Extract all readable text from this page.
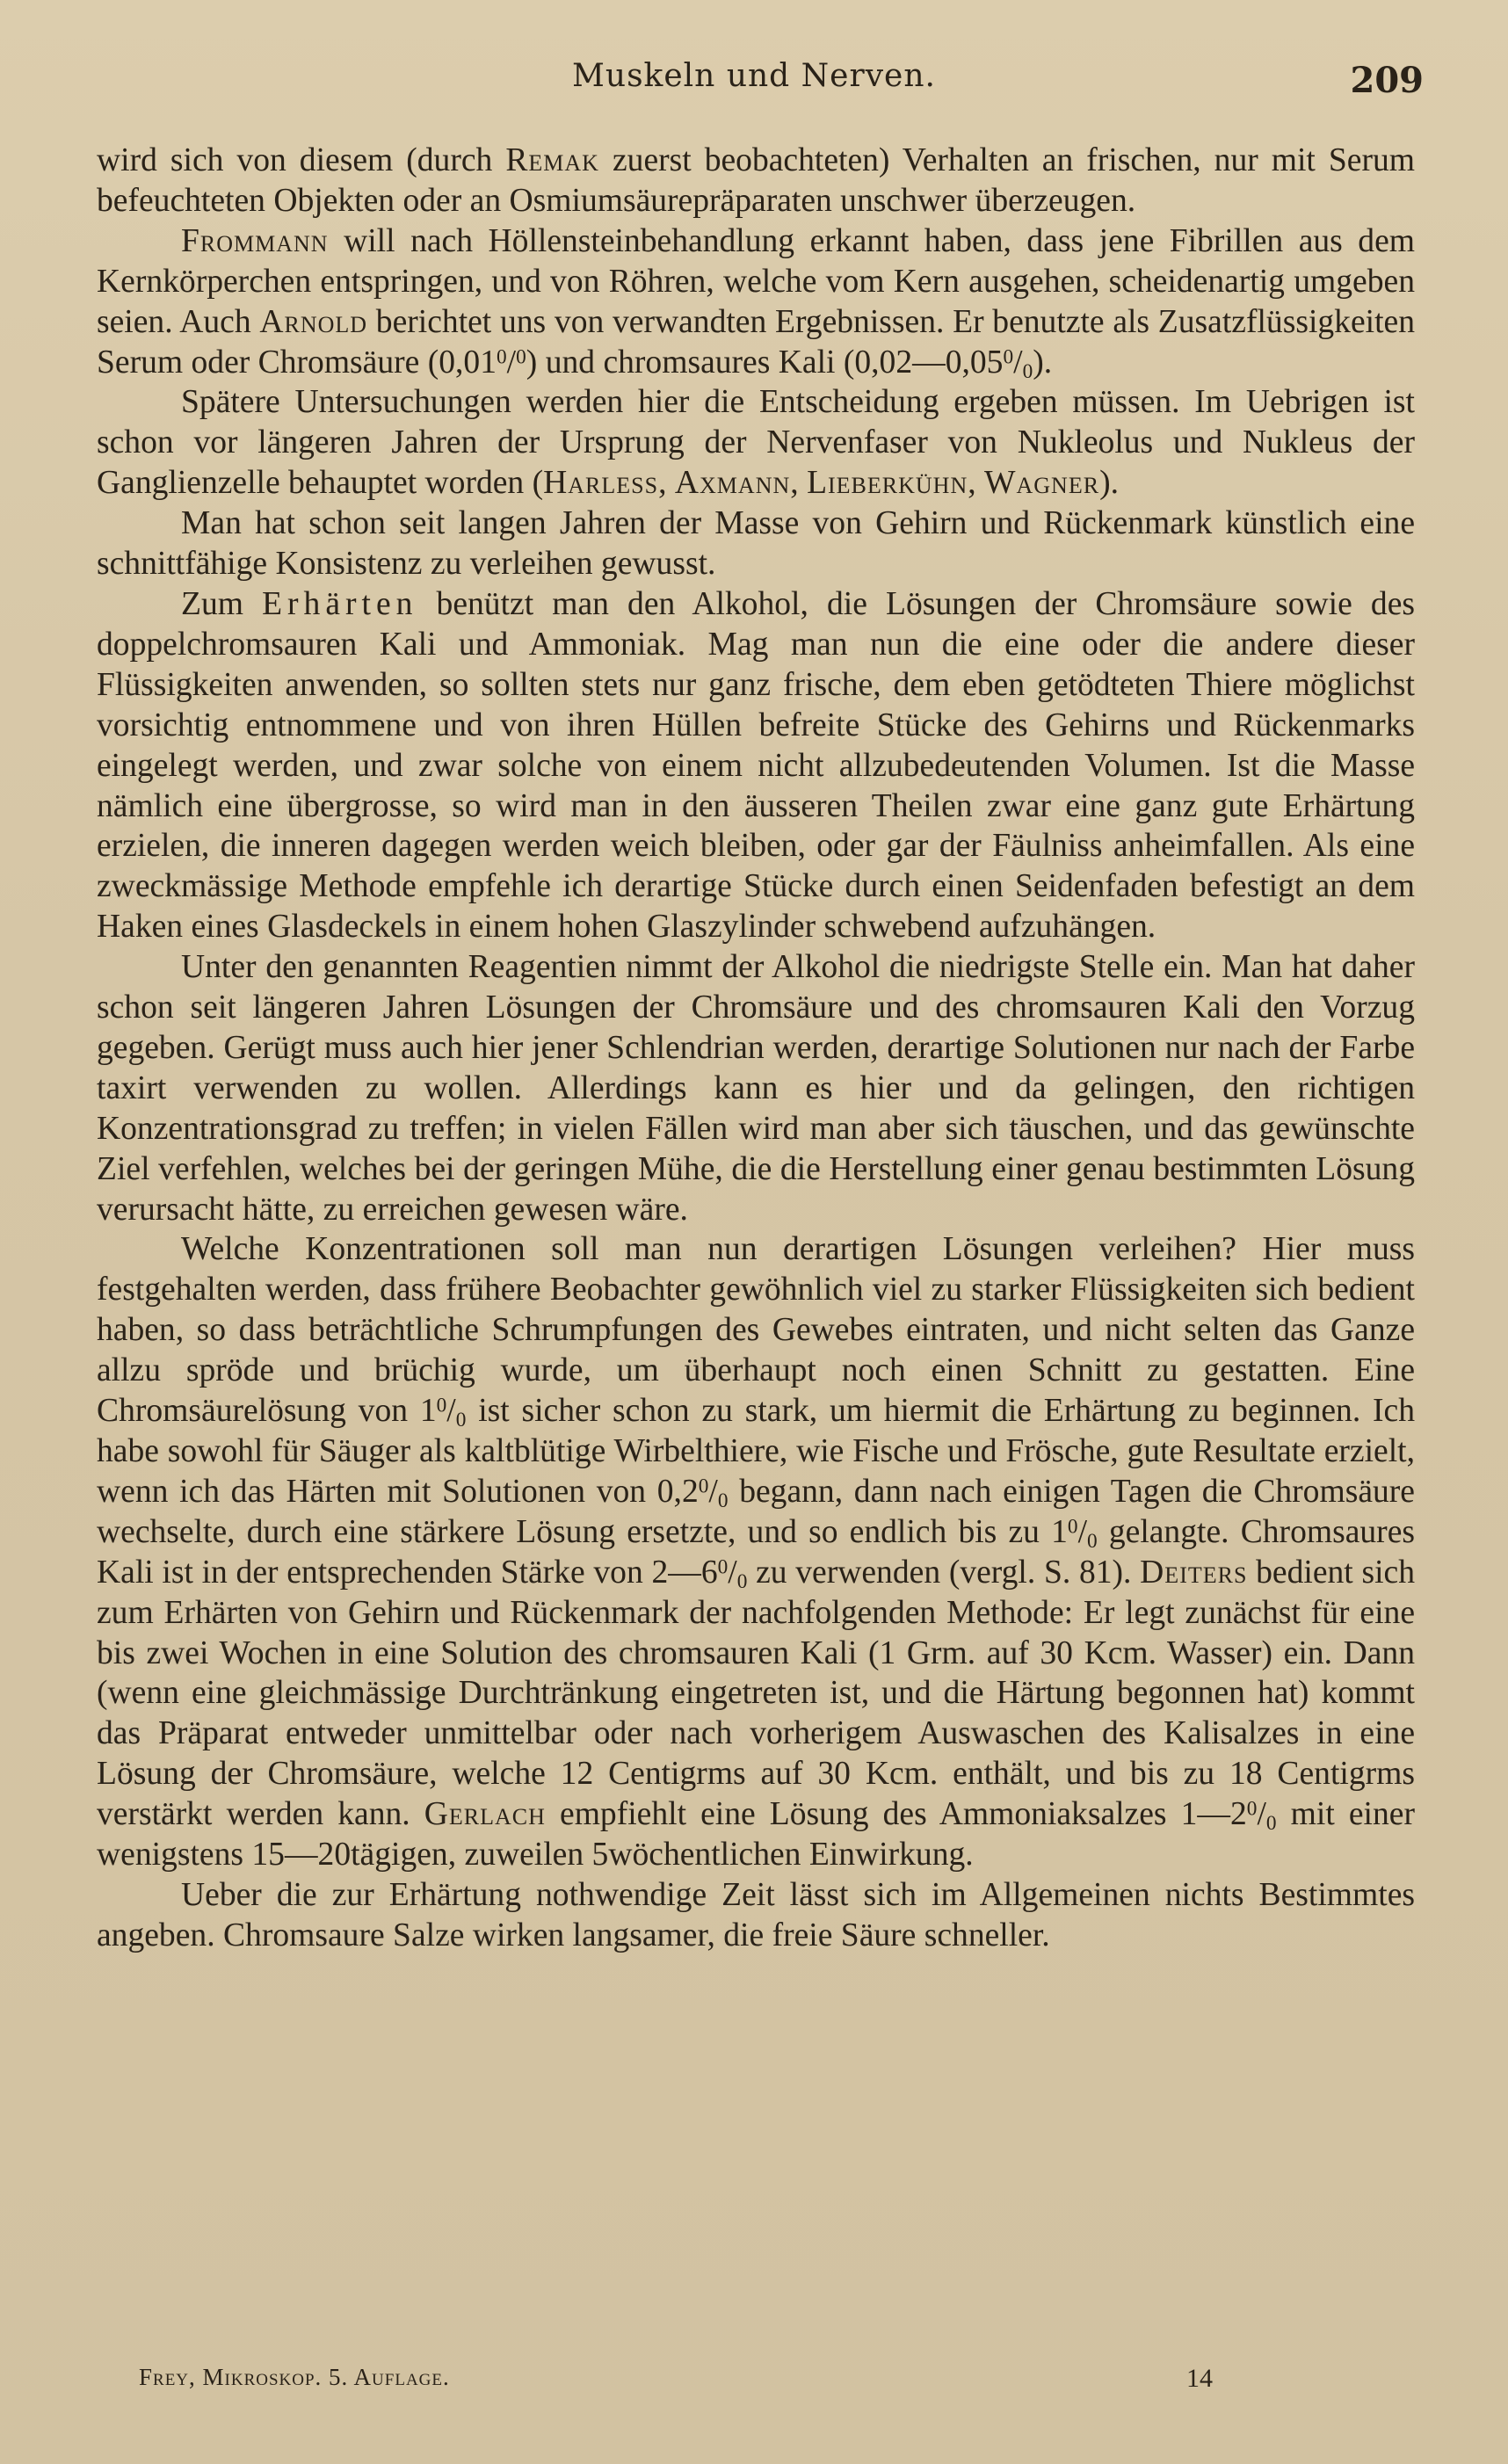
Muskeln und Nerven.	209

wird sich von diesem (durch Remak zuerst beobachteten) Verhalten an frischen, nur mit Serum befeuchteten Objekten oder an Osmiumsäurepräparaten unschwer überzeugen.

Frommann will nach Höllensteinbehandlung erkannt haben, dass jene Fibrillen aus dem Kernkörperchen entspringen, und von Röhren, welche vom Kern ausgehen, scheidenartig umgeben seien. Auch Arnold berichtet uns von verwandten Ergebnissen. Er benutzte als Zusatzflüssigkeiten Serum oder Chromsäure (0,01$^0$/$^0$) und chromsaures Kali $(0,02—0,05^0/_0)$.

Spätere Untersuchungen werden hier die Entscheidung ergeben müssen. Im Uebrigen ist schon vor längeren Jahren der Ursprung der Nervenfaser von Nukleolus und Nukleus der Ganglienzelle behauptet worden (Harless, Axmann, Lieberkühn, Wagner).

Man hat schon seit langen Jahren der Masse von Gehirn und Rückenmark künstlich eine schnittfähige Konsistenz zu verleihen gewusst.

Zum Erhärten benützt man den Alkohol, die Lösungen der Chromsäure sowie des doppelchromsauren Kali und Ammoniak. Mag man nun die eine oder die andere dieser Flüssigkeiten anwenden, so sollten stets nur ganz frische, dem eben getödteten Thiere möglichst vorsichtig entnommene und von ihren Hüllen befreite Stücke des Gehirns und Rückenmarks eingelegt werden, und zwar solche von einem nicht allzubedeutenden Volumen. Ist die Masse nämlich eine übergrosse, so wird man in den äusseren Theilen zwar eine ganz gute Erhärtung erzielen, die inneren dagegen werden weich bleiben, oder gar der Fäulniss anheimfallen. Als eine zweckmässige Methode empfehle ich derartige Stücke durch einen Seidenfaden befestigt an dem Haken eines Glasdeckels in einem hohen Glaszylinder schwebend aufzuhängen.

Unter den genannten Reagentien nimmt der Alkohol die niedrigste Stelle ein. Man hat daher schon seit längeren Jahren Lösungen der Chromsäure und des chromsauren Kali den Vorzug gegeben. Gerügt muss auch hier jener Schlendrian werden, derartige Solutionen nur nach der Farbe taxirt verwenden zu wollen. Allerdings kann es hier und da gelingen, den richtigen Konzentrationsgrad zu treffen; in vielen Fällen wird man aber sich täuschen, und das gewünschte Ziel verfehlen, welches bei der geringen Mühe, die die Herstellung einer genau bestimmten Lösung verursacht hätte, zu erreichen gewesen wäre.

Welche Konzentrationen soll man nun derartigen Lösungen verleihen? Hier muss festgehalten werden, dass frühere Beobachter gewöhnlich viel zu starker Flüssigkeiten sich bedient haben, so dass beträchtliche Schrumpfungen des Gewebes eintraten, und nicht selten das Ganze allzu spröde und brüchig wurde, um überhaupt noch einen Schnitt zu gestatten. Eine Chromsäurelösung von $1^0/_0$ ist sicher schon zu stark, um hiermit die Erhärtung zu beginnen. Ich habe sowohl für Säuger als kaltblütige Wirbelthiere, wie Fische und Frösche, gute Resultate erzielt, wenn ich das Härten mit Solutionen von $0,2^0/_0$ begann, dann nach einigen Tagen die Chromsäure wechselte, durch eine stärkere Lösung ersetzte, und so endlich bis zu $1^0/_0$ gelangte. Chromsaures Kali ist in der entsprechenden Stärke von $2—6^0/_0$ zu verwenden (vergl. S. 81). Deiters bedient sich zum Erhärten von Gehirn und Rückenmark der nachfolgenden Methode: Er legt zunächst für eine bis zwei Wochen in eine Solution des chromsauren Kali (1 Grm. auf 30 Kcm. Wasser) ein. Dann (wenn eine gleichmässige Durchtränkung eingetreten ist, und die Härtung begonnen hat) kommt das Präparat entweder unmittelbar oder nach vorherigem Auswaschen des Kalisalzes in eine Lösung der Chromsäure, welche 12 Centigrms auf 30 Kcm. enthält, und bis zu 18 Centigrms verstärkt werden kann. Gerlach empfiehlt eine Lösung des Ammoniaksalzes $1—2^0/_0$ mit einer wenigstens 15—20tägigen, zuweilen 5wöchentlichen Einwirkung.

Ueber die zur Erhärtung nothwendige Zeit lässt sich im Allgemeinen nichts Bestimmtes angeben. Chromsaure Salze wirken langsamer, die freie Säure schneller.

Frey, Mikroskop. 5. Auflage.	14
